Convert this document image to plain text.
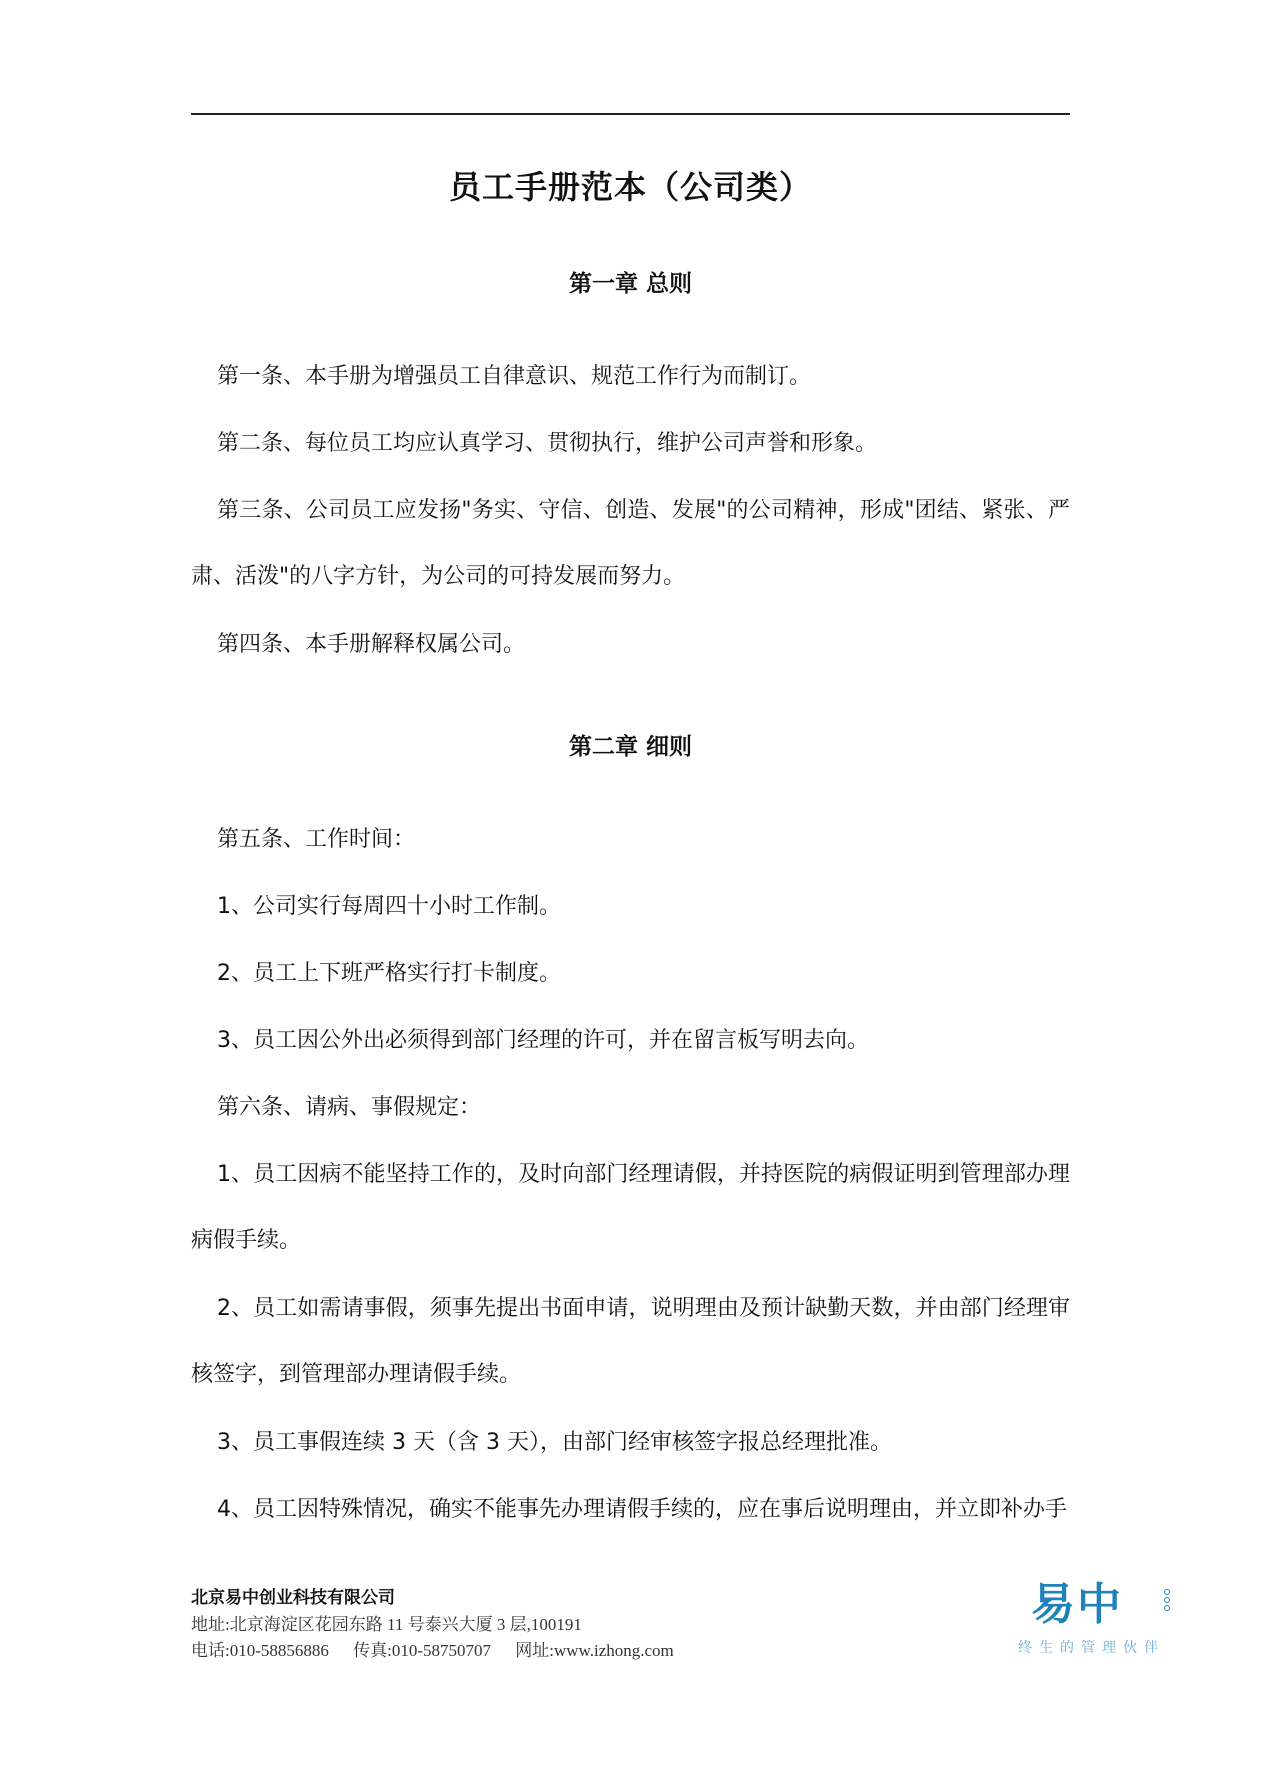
员工手册范本（公司类）
第一章 总则

第一条、本手册为增强员工自律意识、规范工作行为而制订。

第二条、每位员工均应认真学习、贯彻执行，维护公司声誉和形象。

第三条、公司员工应发扬"务实、守信、创造、发展"的公司精神，形成"团结、紧张、严肃、活泼"的八字方针，为公司的可持发展而努力。

第四条、本手册解释权属公司。

第二章 细则

第五条、工作时间：

1、公司实行每周四十小时工作制。

2、员工上下班严格实行打卡制度。

3、员工因公外出必须得到部门经理的许可，并在留言板写明去向。

第六条、请病、事假规定：

1、员工因病不能坚持工作的，及时向部门经理请假，并持医院的病假证明到管理部办理病假手续。

2、员工如需请事假，须事先提出书面申请，说明理由及预计缺勤天数，并由部门经理审核签字，到管理部办理请假手续。

3、员工事假连续 3 天（含 3 天），由部门经审核签字报总经理批准。

4、员工因特殊情况，确实不能事先办理请假手续的，应在事后说明理由，并立即补办手

北京易中创业科技有限公司
地址:北京海淀区花园东路 11 号泰兴大厦 3 层,100191
电话:010-58856886 传真:010-58750707 网址:www.izhong.com
易中
终生的管理伙伴
